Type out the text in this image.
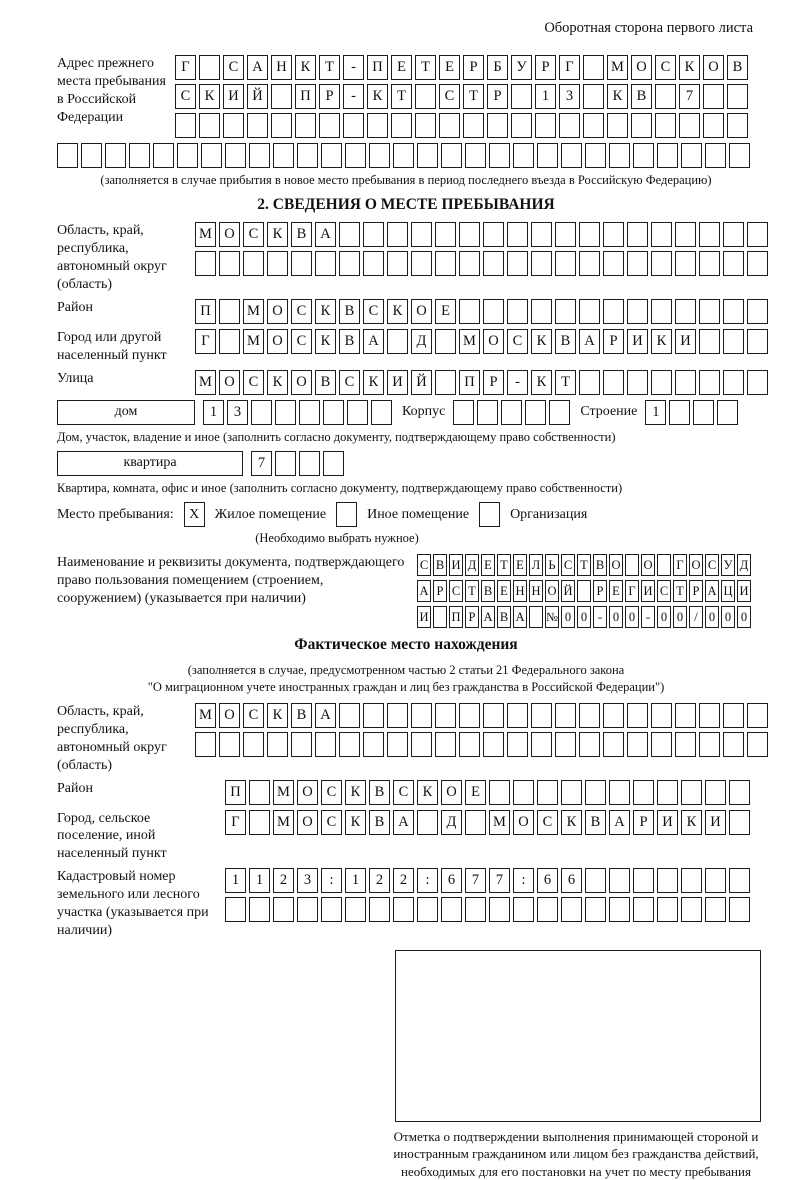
Оборотная сторона первого листа
Адрес прежнего места пребывания в Российской Федерации
Г	С А Н К	Т	-	П Е	Т	Е	Р	Б	У	Р	Г	М О С К О В
С К И Й	П	Р	-	К	Т	С	Т	Р	1	3	К В	7
(заполняется в случае прибытия в новое место пребывания в период последнего въезда в Российскую Федерацию)
2. СВЕДЕНИЯ О МЕСТЕ ПРЕБЫВАНИЯ
Область, край, республика, автономный округ (область)
М О С К В А
Район	П	М О С К В С К О Е
Город или другой населенный пункт
Г	М О С К В А	Д	М О С К В А	Р	И К И
Улица	М О С К О В С К И Й	П	Р	-	К	Т
дом	1	3	Корпус	Строение	1
Дом, участок, владение и иное (заполнить согласно документу, подтверждающему право собственности)
квартира	7
Квартира, комната, офис и иное (заполнить согласно документу, подтверждающему право собственности)
Место пребывания:	X	Жилое помещение	Иное помещение	Организация
(Необходимо выбрать нужное)
Наименование и реквизиты документа, подтверждающего право пользования помещением (строением, сооружением) (указывается при наличии)
С В И Д Е Т Е Л Ь С Т В О О Г О С У Д
А Р С Т В Е Н Н О Й Р Е Г И С Т Р А Ц И
И П Р А В А № 0 0 - 0 0 - 0 0 / 0 0 0
Фактическое место нахождения
(заполняется в случае, предусмотренном частью 2 статьи 21 Федерального закона
"О миграционном учете иностранных граждан и лиц без гражданства в Российской Федерации")
Область, край, республика, автономный округ (область)
М О С К В А
Район	П	М О С К В С К О Е
Город, сельское поселение, иной населенный пункт
Г	М О С К В А	Д	М О С К В А	Р	И К И
Кадастровый номер земельного или лесного участка (указывается при наличии)
1	1	2	3	:	1	2	2	:	6	7	7	:	6	6
Отметка о подтверждении выполнения принимающей стороной и иностранным гражданином или лицом без гражданства действий, необходимых для его постановки на учет по месту пребывания
